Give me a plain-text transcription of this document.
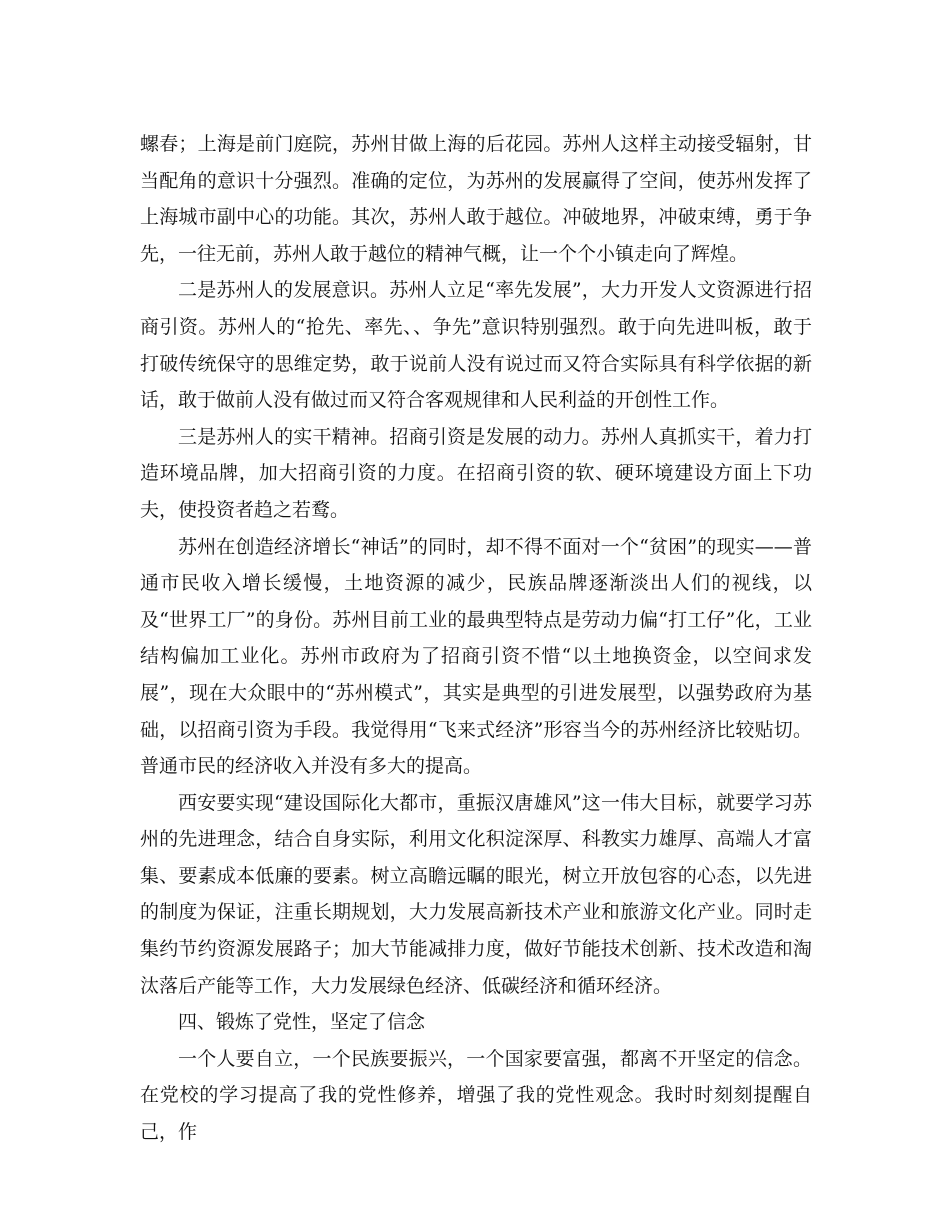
螺春；上海是前门庭院，苏州甘做上海的后花园。苏州人这样主动接受辐射，甘当配角的意识十分强烈。准确的定位，为苏州的发展赢得了空间，使苏州发挥了上海城市副中心的功能。其次，苏州人敢于越位。冲破地界，冲破束缚，勇于争先，一往无前，苏州人敢于越位的精神气概，让一个个小镇走向了辉煌。

二是苏州人的发展意识。苏州人立足“率先发展”，大力开发人文资源进行招商引资。苏州人的“抢先、率先、、争先”意识特别强烈。敢于向先进叫板，敢于打破传统保守的思维定势，敢于说前人没有说过而又符合实际具有科学依据的新话，敢于做前人没有做过而又符合客观规律和人民利益的开创性工作。

三是苏州人的实干精神。招商引资是发展的动力。苏州人真抓实干，着力打造环境品牌，加大招商引资的力度。在招商引资的软、硬环境建设方面上下功夫，使投资者趋之若鹜。

苏州在创造经济增长“神话”的同时，却不得不面对一个“贫困”的现实——普通市民收入增长缓慢，土地资源的减少，民族品牌逐渐淡出人们的视线，以及“世界工厂”的身份。苏州目前工业的最典型特点是劳动力偏“打工仔”化，工业结构偏加工业化。苏州市政府为了招商引资不惜“以土地换资金，以空间求发展”，现在大众眼中的“苏州模式”，其实是典型的引进发展型，以强势政府为基础，以招商引资为手段。我觉得用“飞来式经济”形容当今的苏州经济比较贴切。普通市民的经济收入并没有多大的提高。

西安要实现“建设国际化大都市，重振汉唐雄风”这一伟大目标，就要学习苏州的先进理念，结合自身实际，利用文化积淀深厚、科教实力雄厚、高端人才富集、要素成本低廉的要素。树立高瞻远瞩的眼光，树立开放包容的心态，以先进的制度为保证，注重长期规划，大力发展高新技术产业和旅游文化产业。同时走集约节约资源发展路子；加大节能减排力度，做好节能技术创新、技术改造和淘汰落后产能等工作，大力发展绿色经济、低碳经济和循环经济。

四、锻炼了党性，坚定了信念

一个人要自立，一个民族要振兴，一个国家要富强，都离不开坚定的信念。在党校的学习提高了我的党性修养，增强了我的党性观念。我时时刻刻提醒自己，作
